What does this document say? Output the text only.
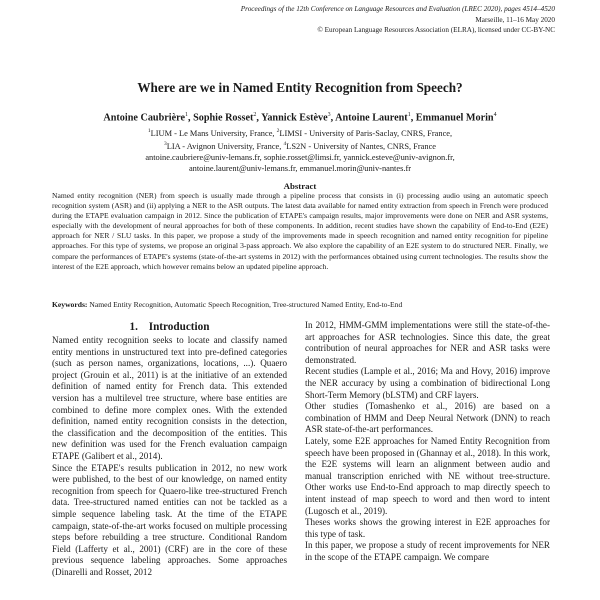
Proceedings of the 12th Conference on Language Resources and Evaluation (LREC 2020), pages 4514–4520
Marseille, 11–16 May 2020
© European Language Resources Association (ELRA), licensed under CC-BY-NC
Where are we in Named Entity Recognition from Speech?
Antoine Caubrière$^1$, Sophie Rosset$^2$, Yannick Estève$^3$, Antoine Laurent$^1$, Emmanuel Morin$^4$
$^1$LIUM - Le Mans University, France, $^2$LIMSI - University of Paris-Saclay, CNRS, France,
$^3$LIA - Avignon University, France, $^4$LS2N - University of Nantes, CNRS, France
antoine.caubriere@univ-lemans.fr, sophie.rosset@limsi.fr, yannick.esteve@univ-avignon.fr,
antoine.laurent@univ-lemans.fr, emmanuel.morin@univ-nantes.fr
Abstract
Named entity recognition (NER) from speech is usually made through a pipeline process that consists in (i) processing audio using an automatic speech recognition system (ASR) and (ii) applying a NER to the ASR outputs. The latest data available for named entity extraction from speech in French were produced during the ETAPE evaluation campaign in 2012. Since the publication of ETAPE's campaign results, major improvements were done on NER and ASR systems, especially with the development of neural approaches for both of these components. In addition, recent studies have shown the capability of End-to-End (E2E) approach for NER / SLU tasks. In this paper, we propose a study of the improvements made in speech recognition and named entity recognition for pipeline approaches. For this type of systems, we propose an original 3-pass approach. We also explore the capability of an E2E system to do structured NER. Finally, we compare the performances of ETAPE's systems (state-of-the-art systems in 2012) with the performances obtained using current technologies. The results show the interest of the E2E approach, which however remains below an updated pipeline approach.
Keywords: Named Entity Recognition, Automatic Speech Recognition, Tree-structured Named Entity, End-to-End
1. Introduction

Named entity recognition seeks to locate and classify named entity mentions in unstructured text into pre-defined categories (such as person names, organizations, locations, ...). Quaero project (Grouin et al., 2011) is at the initiative of an extended definition of named entity for French data. This extended version has a multilevel tree structure, where base entities are combined to define more complex ones. With the extended definition, named entity recognition consists in the detection, the classification and the decomposition of the entities. This new definition was used for the French evaluation campaign ETAPE (Galibert et al., 2014).

Since the ETAPE's results publication in 2012, no new work were published, to the best of our knowledge, on named entity recognition from speech for Quaero-like tree-structured French data. Tree-structured named entities can not be tackled as a simple sequence labeling task. At the time of the ETAPE campaign, state-of-the-art works focused on multiple processing steps before rebuilding a tree structure. Conditional Random Field (Lafferty et al., 2001) (CRF) are in the core of these previous sequence labeling approaches. Some approaches (Dinarelli and Rosset, 2012

In 2012, HMM-GMM implementations were still the state-of-the-art approaches for ASR technologies. Since this date, the great contribution of neural approaches for NER and ASR tasks were demonstrated.

Recent studies (Lample et al., 2016; Ma and Hovy, 2016) improve the NER accuracy by using a combination of bidirectional Long Short-Term Memory (bLSTM) and CRF layers.

Other studies (Tomashenko et al., 2016) are based on a combination of HMM and Deep Neural Network (DNN) to reach ASR state-of-the-art performances.

Lately, some E2E approaches for Named Entity Recognition from speech have been proposed in (Ghannay et al., 2018). In this work, the E2E systems will learn an alignment between audio and manual transcription enriched with NE without tree-structure. Other works use End-to-End approach to map directly speech to intent instead of map speech to word and then word to intent (Lugosch et al., 2019).

Theses works shows the growing interest in E2E approaches for this type of task.

In this paper, we propose a study of recent improvements for NER in the scope of the ETAPE campaign. We compare
